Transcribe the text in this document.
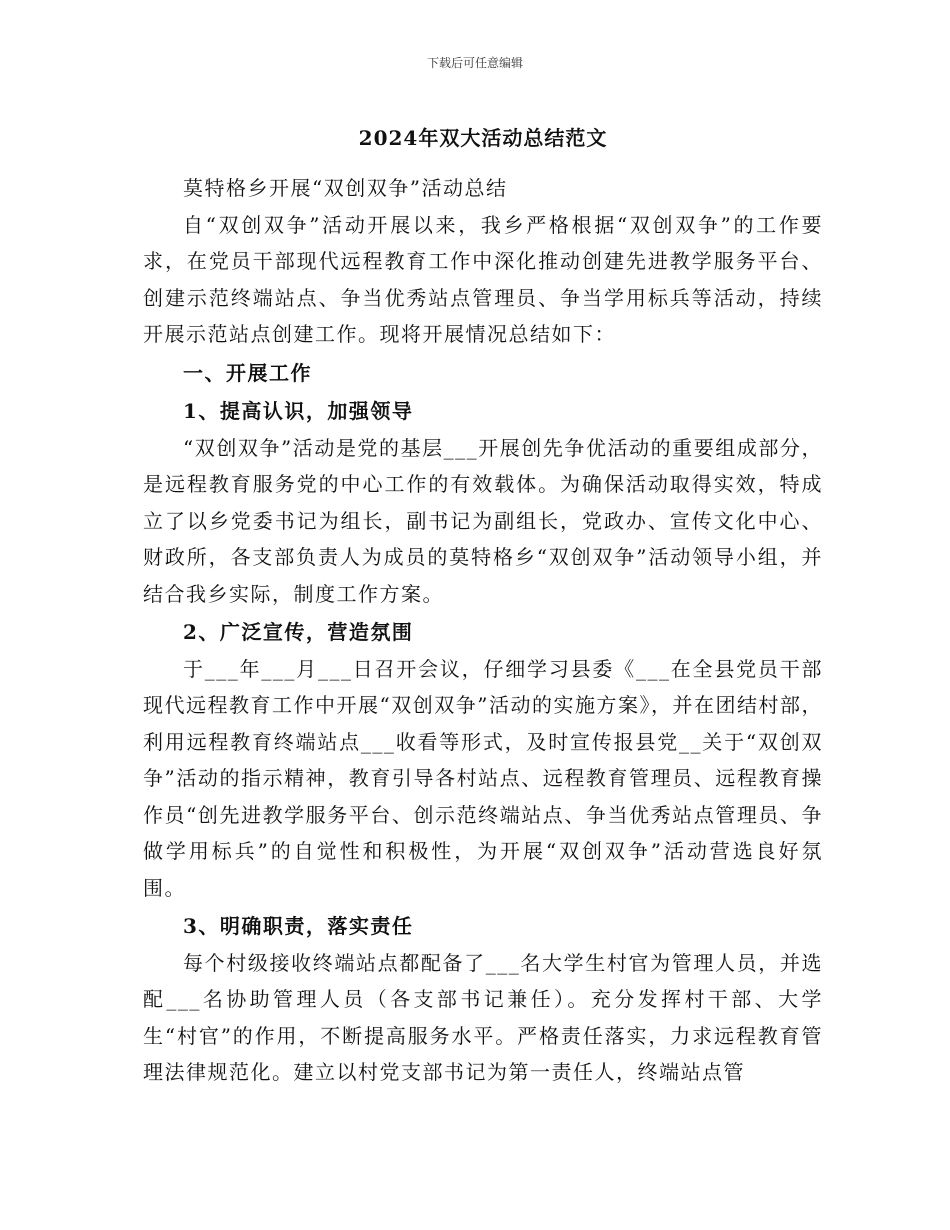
下载后可任意编辑
2024年双大活动总结范文

莫特格乡开展“双创双争”活动总结

自“双创双争”活动开展以来，我乡严格根据“双创双争”的工作要求，在党员干部现代远程教育工作中深化推动创建先进教学服务平台、创建示范终端站点、争当优秀站点管理员、争当学用标兵等活动，持续开展示范站点创建工作。现将开展情况总结如下：

一、开展工作

1、提高认识，加强领导

“双创双争”活动是党的基层___开展创先争优活动的重要组成部分，是远程教育服务党的中心工作的有效载体。为确保活动取得实效，特成立了以乡党委书记为组长，副书记为副组长，党政办、宣传文化中心、财政所，各支部负责人为成员的莫特格乡“双创双争”活动领导小组，并结合我乡实际，制度工作方案。

2、广泛宣传，营造氛围

于___年___月___日召开会议，仔细学习县委《___在全县党员干部现代远程教育工作中开展“双创双争”活动的实施方案》，并在团结村部，利用远程教育终端站点___收看等形式，及时宣传报县党__关于“双创双争”活动的指示精神，教育引导各村站点、远程教育管理员、远程教育操作员“创先进教学服务平台、创示范终端站点、争当优秀站点管理员、争做学用标兵”的自觉性和积极性，为开展“双创双争”活动营选良好氛围。

3、明确职责，落实责任

每个村级接收终端站点都配备了___名大学生村官为管理人员，并选配___名协助管理人员（各支部书记兼任）。充分发挥村干部、大学生“村官”的作用，不断提高服务水平。严格责任落实，力求远程教育管理法律规范化。建立以村党支部书记为第一责任人，终端站点管
